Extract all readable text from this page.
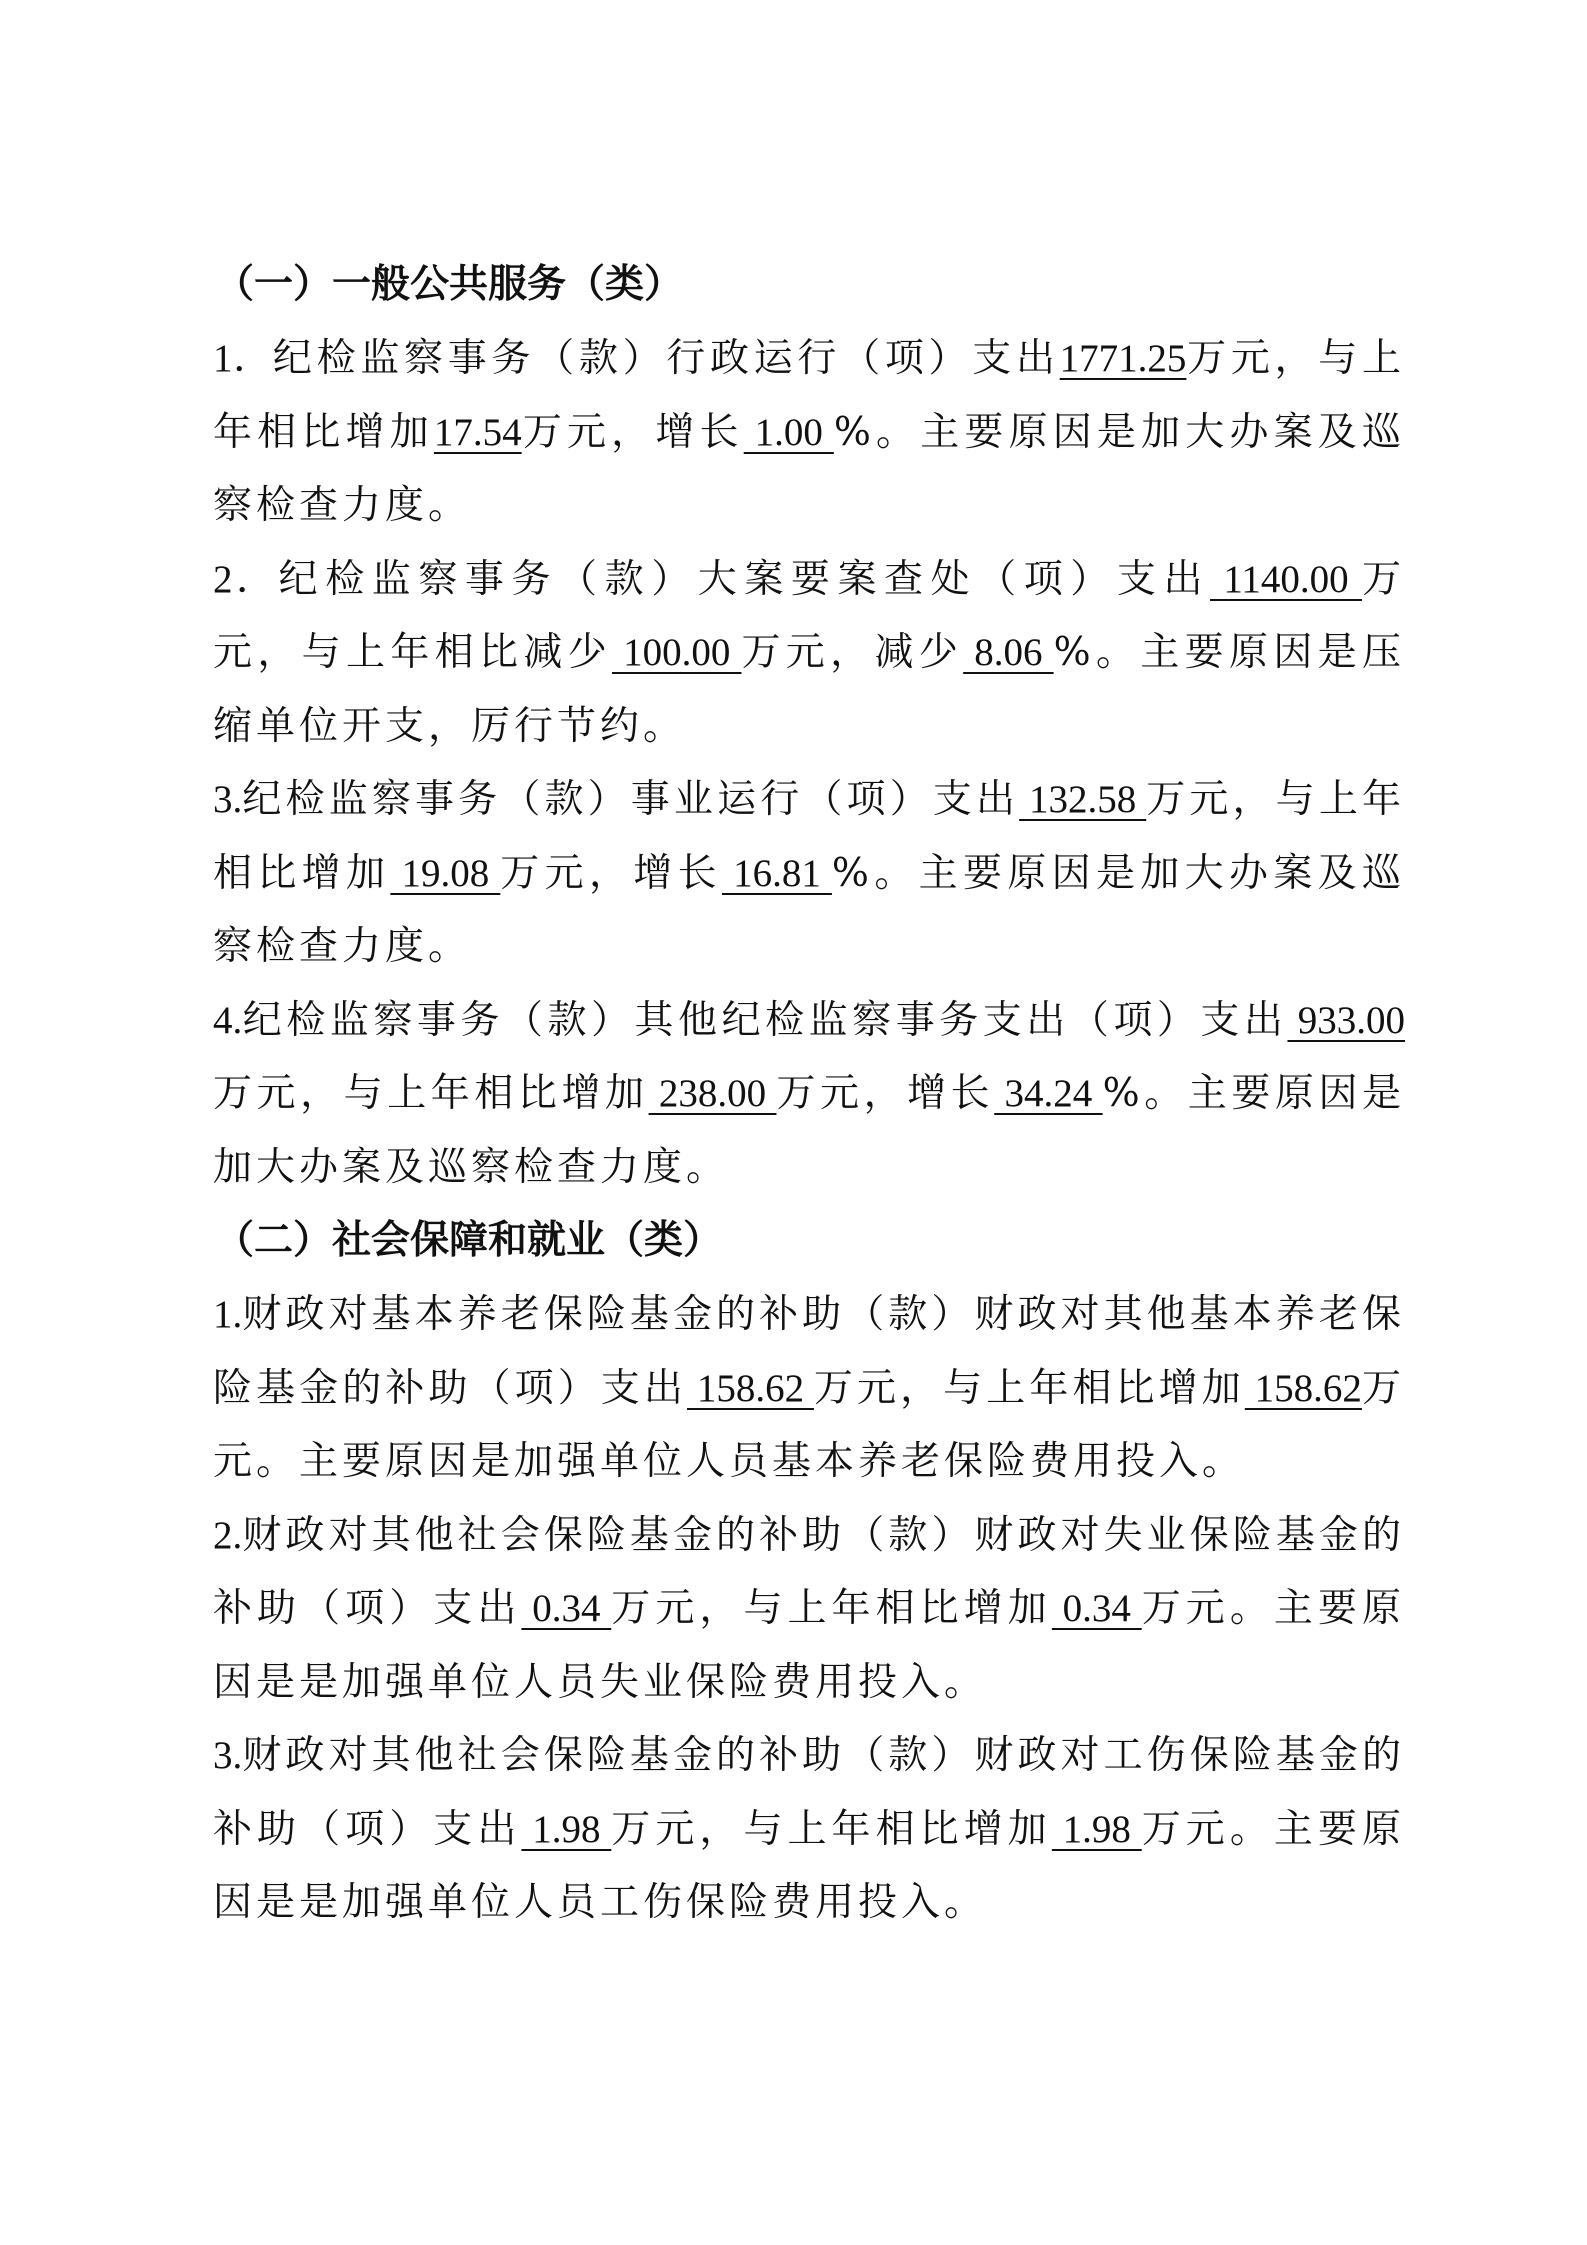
（一）一般公共服务（类）

1．纪检监察事务（款）行政运行（项）支出1771.25万元，与上年相比增加17.54万元，增长 1.00 %。主要原因是加大办案及巡察检查力度。

2．纪检监察事务（款）大案要案查处（项）支出 1140.00 万元，与上年相比减少 100.00 万元，减少 8.06 %。主要原因是压缩单位开支，厉行节约。

3.纪检监察事务（款）事业运行（项）支出 132.58 万元，与上年相比增加 19.08 万元，增长 16.81 %。主要原因是加大办案及巡察检查力度。

4.纪检监察事务（款）其他纪检监察事务支出（项）支出 933.00万元，与上年相比增加 238.00 万元，增长 34.24 %。主要原因是加大办案及巡察检查力度。

（二）社会保障和就业（类）

1.财政对基本养老保险基金的补助（款）财政对其他基本养老保险基金的补助（项）支出 158.62 万元，与上年相比增加 158.62万元。主要原因是加强单位人员基本养老保险费用投入。

2.财政对其他社会保险基金的补助（款）财政对失业保险基金的补助（项）支出 0.34 万元，与上年相比增加 0.34 万元。主要原因是是加强单位人员失业保险费用投入。

3.财政对其他社会保险基金的补助（款）财政对工伤保险基金的补助（项）支出 1.98 万元，与上年相比增加 1.98 万元。主要原因是是加强单位人员工伤保险费用投入。
